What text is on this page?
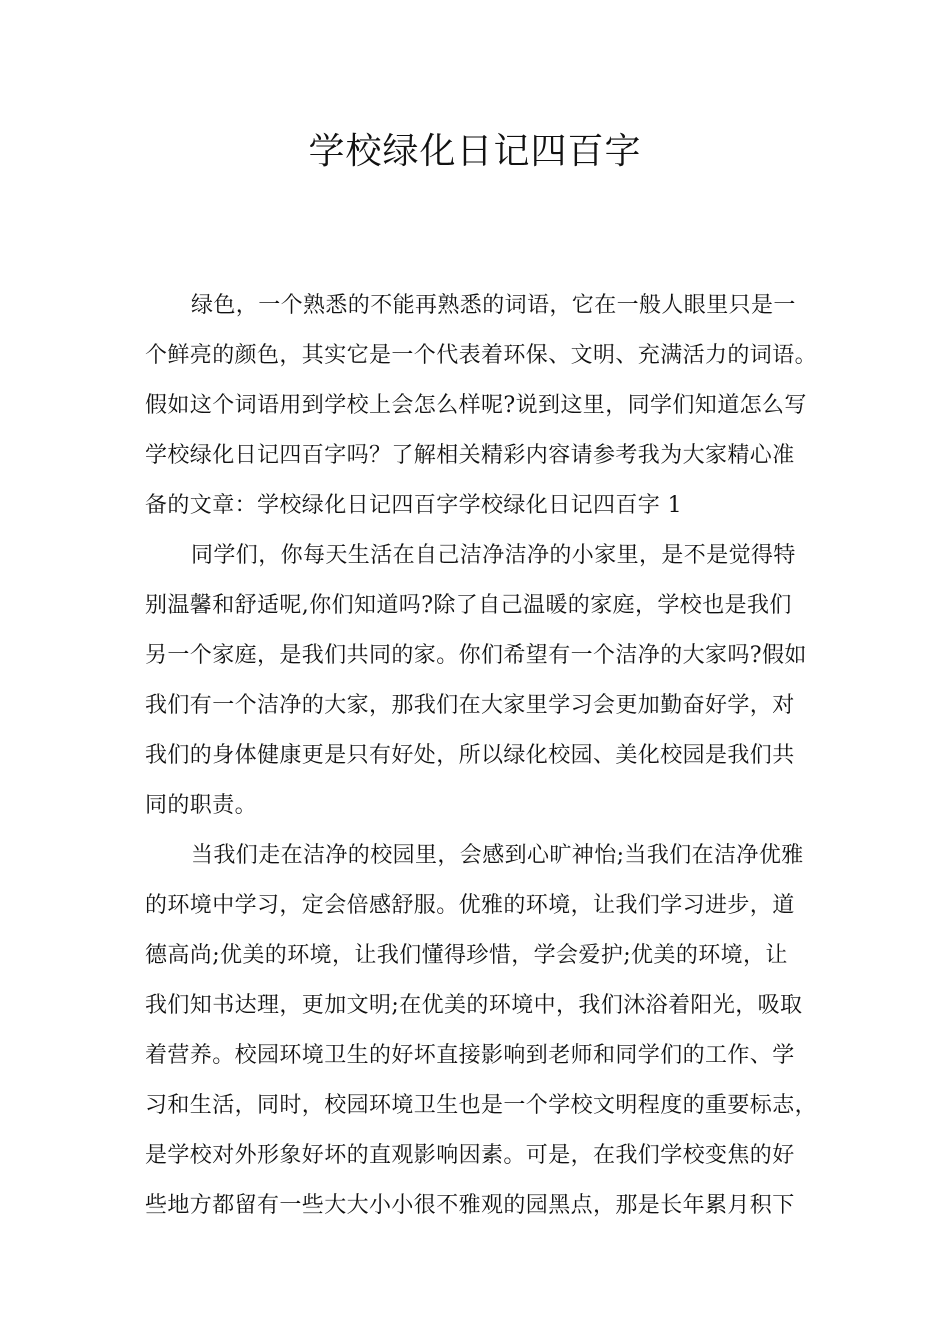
学校绿化日记四百字
绿色，一个熟悉的不能再熟悉的词语，它在一般人眼里只是一
个鲜亮的颜色，其实它是一个代表着环保、文明、充满活力的词语。
假如这个词语用到学校上会怎么样呢?说到这里，同学们知道怎么写
学校绿化日记四百字吗？了解相关精彩内容请参考我为大家精心准
备的文章：学校绿化日记四百字学校绿化日记四百字 1
同学们，你每天生活在自己洁净洁净的小家里，是不是觉得特
别温馨和舒适呢,你们知道吗?除了自己温暖的家庭，学校也是我们
另一个家庭，是我们共同的家。你们希望有一个洁净的大家吗?假如
我们有一个洁净的大家，那我们在大家里学习会更加勤奋好学，对
我们的身体健康更是只有好处，所以绿化校园、美化校园是我们共
同的职责。
当我们走在洁净的校园里，会感到心旷神怡;当我们在洁净优雅
的环境中学习，定会倍感舒服。优雅的环境，让我们学习进步，道
德高尚;优美的环境，让我们懂得珍惜，学会爱护;优美的环境，让
我们知书达理，更加文明;在优美的环境中，我们沐浴着阳光，吸取
着营养。校园环境卫生的好坏直接影响到老师和同学们的工作、学
习和生活，同时，校园环境卫生也是一个学校文明程度的重要标志，
是学校对外形象好坏的直观影响因素。可是，在我们学校变焦的好
些地方都留有一些大大小小很不雅观的园黑点，那是长年累月积下
